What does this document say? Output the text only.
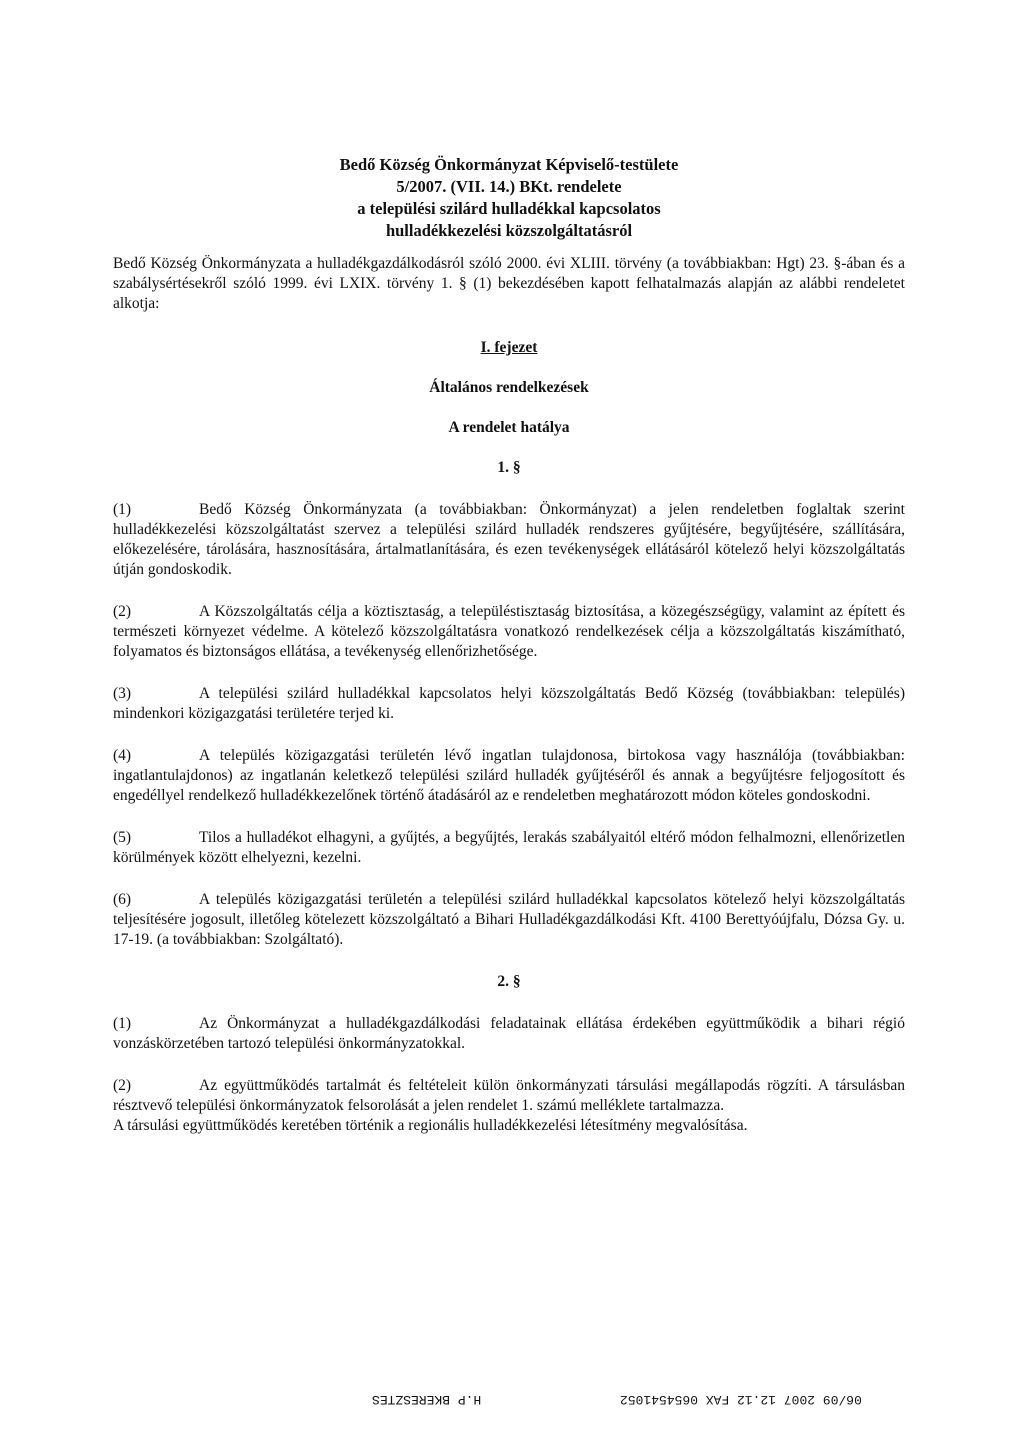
Bedő Község Önkormányzat Képviselő-testülete
5/2007. (VII. 14.) BKt. rendelete
a települési szilárd hulladékkal kapcsolatos
hulladékkezelési közszolgáltatásról

Bedő Község Önkormányzata a hulladékgazdálkodásról szóló 2000. évi XLIII. törvény (a továbbiakban: Hgt) 23. §-ában és a szabálysértésekről szóló 1999. évi LXIX. törvény 1. § (1) bekezdésében kapott felhatalmazás alapján az alábbi rendeletet alkotja:

I. fejezet
Általános rendelkezések
A rendelet hatálya
1. §

(1)	Bedő Község Önkormányzata (a továbbiakban: Önkormányzat) a jelen rendeletben foglaltak szerint hulladékkezelési közszolgáltatást szervez a települési szilárd hulladék rendszeres gyűjtésére, begyűjtésére, szállítására, előkezelésére, tárolására, hasznosítására, ártalmatlanítására, és ezen tevékenységek ellátásáról kötelező helyi közszolgáltatás útján gondoskodik.

(2)	A Közszolgáltatás célja a köztisztaság, a településtisztaság biztosítása, a közegészségügy, valamint az épített és természeti környezet védelme. A kötelező közszolgáltatásra vonatkozó rendelkezések célja a közszolgáltatás kiszámítható, folyamatos és biztonságos ellátása, a tevékenység ellenőrizhetősége.

(3)	A települési szilárd hulladékkal kapcsolatos helyi közszolgáltatás Bedő Község (továbbiakban: település) mindenkori közigazgatási területére terjed ki.

(4)	A település közigazgatási területén lévő ingatlan tulajdonosa, birtokosa vagy használója (továbbiakban: ingatlantulajdonos) az ingatlanán keletkező települési szilárd hulladék gyűjtéséről és annak a begyűjtésre feljogosított és engedéllyel rendelkező hulladékkezelőnek történő átadásáról az e rendeletben meghatározott módon köteles gondoskodni.

(5)	Tilos a hulladékot elhagyni, a gyűjtés, a begyűjtés, lerakás szabályaitól eltérő módon felhalmozni, ellenőrizetlen körülmények között elhelyezni, kezelni.

(6)	A település közigazgatási területén a települési szilárd hulladékkal kapcsolatos kötelező helyi közszolgáltatás teljesítésére jogosult, illetőleg kötelezett közszolgáltató a Bihari Hulladékgazdálkodási Kft. 4100 Berettyóújfalu, Dózsa Gy. u. 17-19. (a továbbiakban: Szolgáltató).

2. §

(1)	Az Önkormányzat a hulladékgazdálkodási feladatainak ellátása érdekében együttműködik a bihari régió vonzáskörzetében tartozó települési önkormányzatokkal.

(2)	Az együttműködés tartalmát és feltételeit külön önkormányzati társulási megállapodás rögzíti. A társulásban résztvevő települési önkormányzatok felsorolását a jelen rendelet 1. számú melléklete tartalmazza.

A társulási együttműködés keretében történik a regionális hulladékkezelési létesítmény megvalósítása.

H.P BKERESZTES	06/09 2007 12.12 FAX 0654541052
